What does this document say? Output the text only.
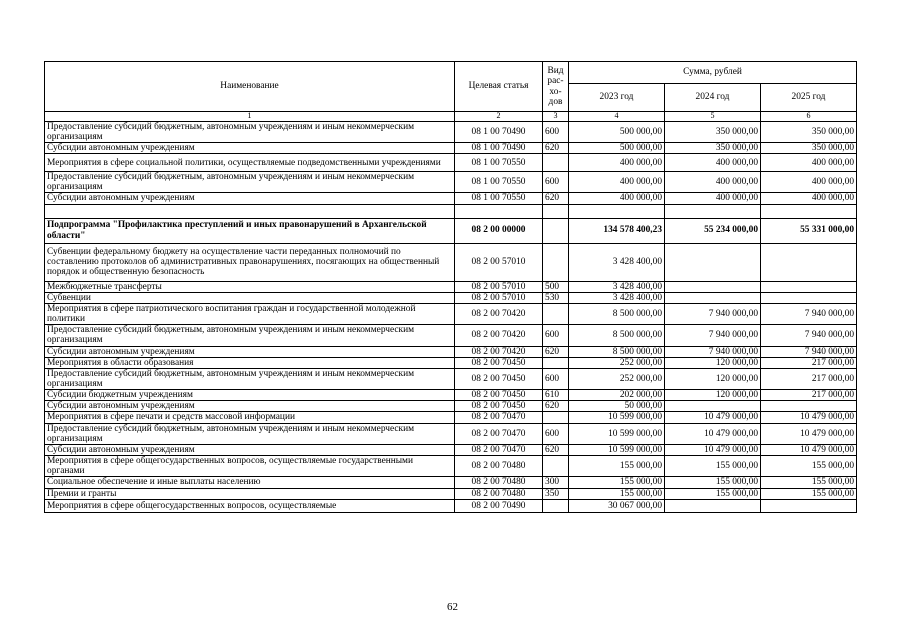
Наименование	Целевая статья	Вид рас-хо-дов	Сумма, рублей		
			2023 год	2024 год	2025 год
1	2	3	4	5	6
Предоставление субсидий бюджетным, автономным учреждениям и иным некоммерческим организациям	08 1 00 70490	600	500 000,00	350 000,00	350 000,00
Субсидии автономным учреждениям	08 1 00 70490	620	500 000,00	350 000,00	350 000,00
Мероприятия в сфере социальной политики, осуществляемые подведомственными учреждениями	08 1 00 70550		400 000,00	400 000,00	400 000,00
Предоставление субсидий бюджетным, автономным учреждениям и иным некоммерческим организациям	08 1 00 70550	600	400 000,00	400 000,00	400 000,00
Субсидии автономным учреждениям	08 1 00 70550	620	400 000,00	400 000,00	400 000,00

Подпрограмма "Профилактика преступлений и иных правонарушений в Архангельской области"	08 2 00 00000		134 578 400,23	55 234 000,00	55 331 000,00
Субвенции федеральному бюджету на осуществление части переданных полномочий по составлению протоколов об административных правонарушениях, посягающих на общественный порядок и общественную безопасность	08 2 00 57010		3 428 400,00		
Межбюджетные трансферты	08 2 00 57010	500	3 428 400,00		
Субвенции	08 2 00 57010	530	3 428 400,00		
Мероприятия в сфере патриотического воспитания граждан и государственной молодежной политики	08 2 00 70420		8 500 000,00	7 940 000,00	7 940 000,00
Предоставление субсидий бюджетным, автономным учреждениям и иным некоммерческим организациям	08 2 00 70420	600	8 500 000,00	7 940 000,00	7 940 000,00
Субсидии автономным учреждениям	08 2 00 70420	620	8 500 000,00	7 940 000,00	7 940 000,00
Мероприятия в области образования	08 2 00 70450		252 000,00	120 000,00	217 000,00
Предоставление субсидий бюджетным, автономным учреждениям и иным некоммерческим организациям	08 2 00 70450	600	252 000,00	120 000,00	217 000,00
Субсидии бюджетным учреждениям	08 2 00 70450	610	202 000,00	120 000,00	217 000,00
Субсидии автономным учреждениям	08 2 00 70450	620	50 000,00		
Мероприятия в сфере печати и средств массовой информации	08 2 00 70470		10 599 000,00	10 479 000,00	10 479 000,00
Предоставление субсидий бюджетным, автономным учреждениям и иным некоммерческим организациям	08 2 00 70470	600	10 599 000,00	10 479 000,00	10 479 000,00
Субсидии автономным учреждениям	08 2 00 70470	620	10 599 000,00	10 479 000,00	10 479 000,00
Мероприятия в сфере общегосударственных вопросов, осуществляемые государственными органами	08 2 00 70480		155 000,00	155 000,00	155 000,00
Социальное обеспечение и иные выплаты населению	08 2 00 70480	300	155 000,00	155 000,00	155 000,00
Премии и гранты	08 2 00 70480	350	155 000,00	155 000,00	155 000,00
Мероприятия в сфере общегосударственных вопросов, осуществляемые	08 2 00 70490		30 067 000,00		
62
